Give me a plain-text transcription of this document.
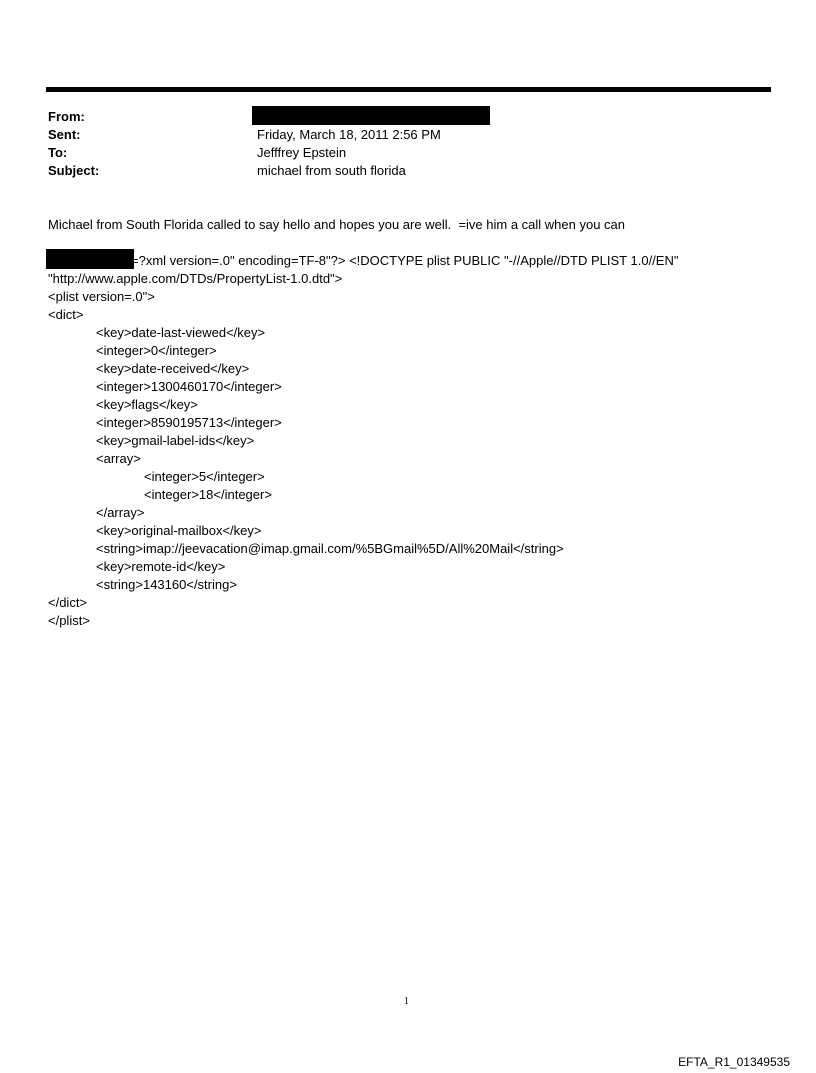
From:
Sent:
To:
Subject:
Friday, March 18, 2011 2:56 PM
Jefffrey Epstein
michael from south florida
Michael from South Florida called to say hello and hopes you are well.  =ive him a call when you can
=?xml version=.0" encoding=TF-8"?> <!DOCTYPE plist PUBLIC "-//Apple//DTD PLIST 1.0//EN"
"http://www.apple.com/DTDs/PropertyList-1.0.dtd">
<plist version=.0">
<dict>
<key>date-last-viewed</key>
<integer>0</integer>
<key>date-received</key>
<integer>1300460170</integer>
<key>flags</key>
<integer>8590195713</integer>
<key>gmail-label-ids</key>
<array>
<integer>5</integer>
<integer>18</integer>
</array>
<key>original-mailbox</key>
<string>imap://jeevacation@imap.gmail.com/%5BGmail%5D/All%20Mail</string>
<key>remote-id</key>
<string>143160</string>
</dict>
</plist>
1
EFTA_R1_01349535
